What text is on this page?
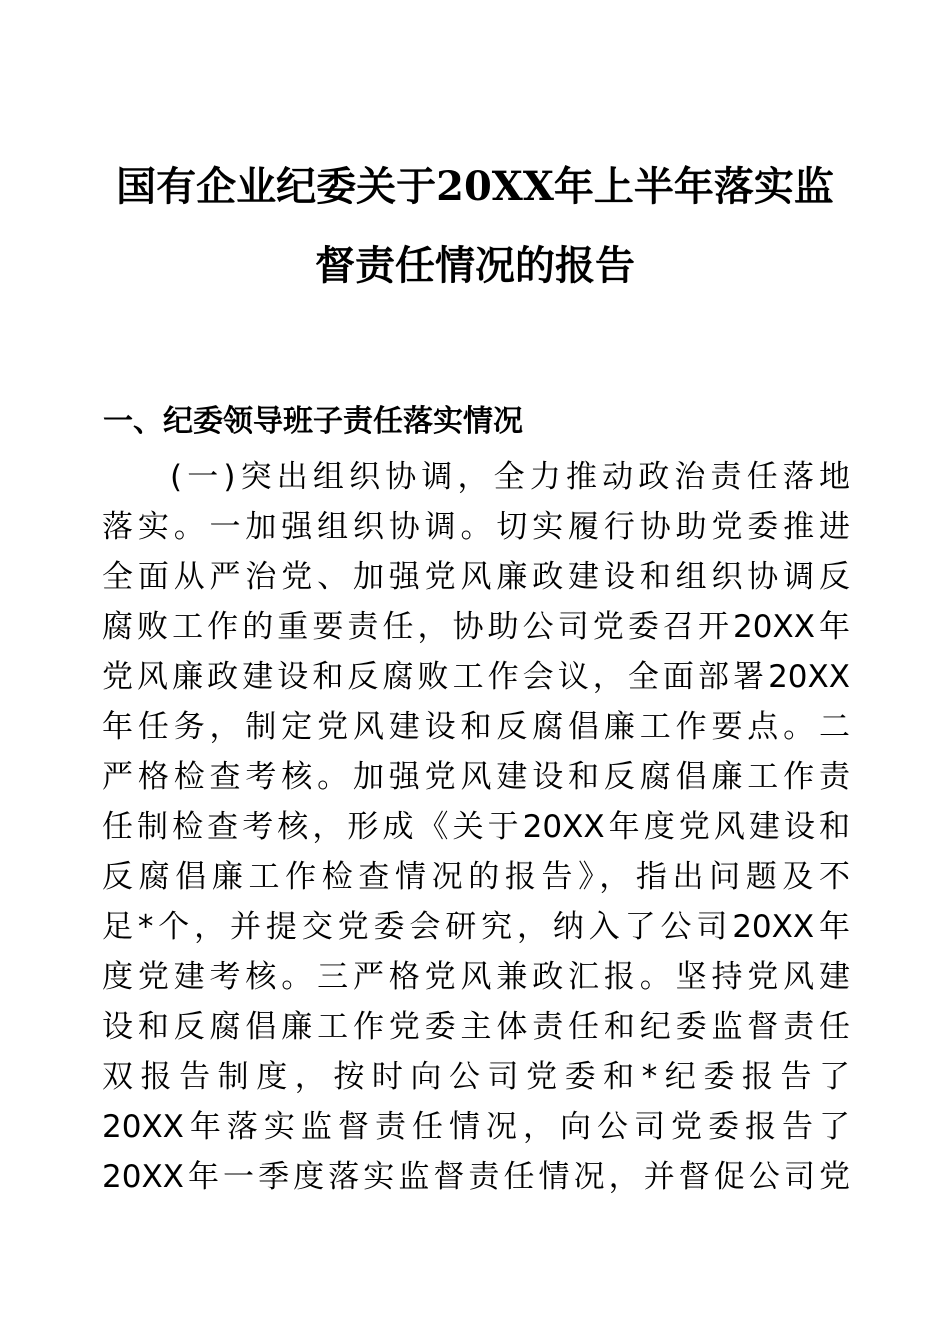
国有企业纪委关于20XX年上半年落实监
督责任情况的报告
一、纪委领导班子责任落实情况
(一)突出组织协调，全力推动政治责任落地
落实。一加强组织协调。切实履行协助党委推进
全面从严治党、加强党风廉政建设和组织协调反
腐败工作的重要责任，协助公司党委召开20XX年
党风廉政建设和反腐败工作会议，全面部署20XX
年任务，制定党风建设和反腐倡廉工作要点。二
严格检查考核。加强党风建设和反腐倡廉工作责
任制检查考核，形成《关于20XX年度党风建设和
反腐倡廉工作检查情况的报告》，指出问题及不
足*个，并提交党委会研究，纳入了公司20XX年
度党建考核。三严格党风兼政汇报。坚持党风建
设和反腐倡廉工作党委主体责任和纪委监督责任
双报告制度，按时向公司党委和*纪委报告了
20XX年落实监督责任情况，向公司党委报告了
20XX年一季度落实监督责任情况，并督促公司党
